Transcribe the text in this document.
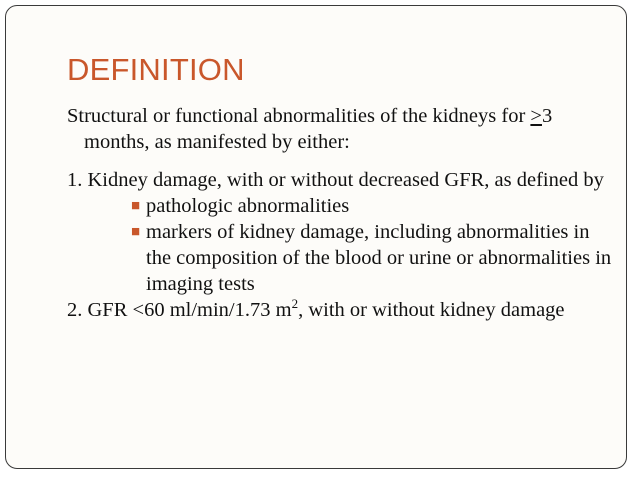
DEFINITION

Structural or functional abnormalities of the kidneys for ≥3 months, as manifested by either:

1. Kidney damage, with or without decreased GFR, as defined by

■ pathologic abnormalities
■ markers of kidney damage, including abnormalities in the composition of the blood or urine or abnormalities in imaging tests

2. GFR <60 ml/min/1.73 $m^2$, with or without kidney damage
